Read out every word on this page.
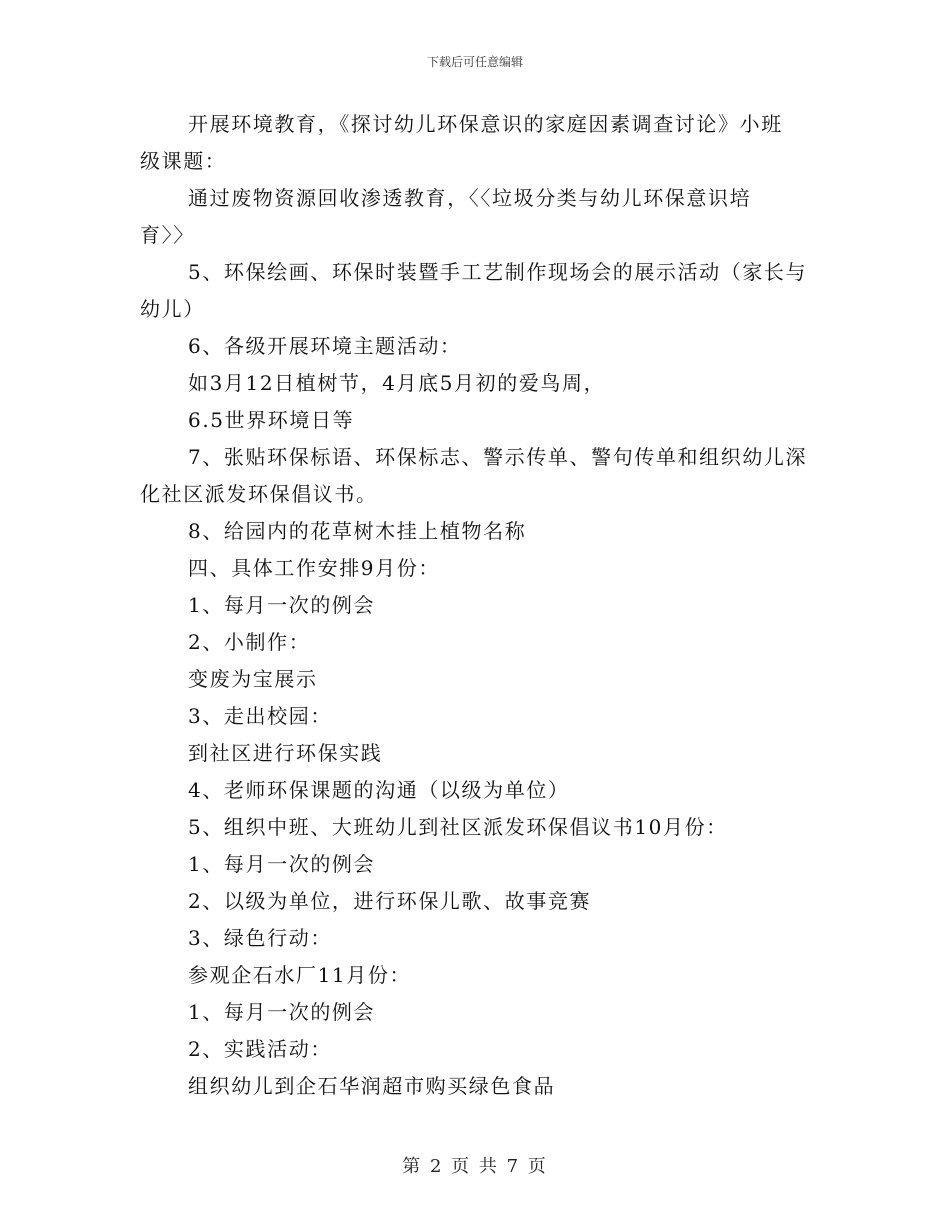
下载后可任意编辑
开展环境教育，《探讨幼儿环保意识的家庭因素调查讨论》小班
级课题：
通过废物资源回收渗透教育，〈〈垃圾分类与幼儿环保意识培
育〉〉
5、环保绘画、环保时装暨手工艺制作现场会的展示活动（家长与
幼儿）
6、各级开展环境主题活动：
如3月12日植树节，4月底5月初的爱鸟周，
6.5世界环境日等
7、张贴环保标语、环保标志、警示传单、警句传单和组织幼儿深
化社区派发环保倡议书。
8、给园内的花草树木挂上植物名称
四、具体工作安排9月份：
1、每月一次的例会
2、小制作：
变废为宝展示
3、走出校园：
到社区进行环保实践
4、老师环保课题的沟通（以级为单位）
5、组织中班、大班幼儿到社区派发环保倡议书10月份：
1、每月一次的例会
2、以级为单位，进行环保儿歌、故事竞赛
3、绿色行动：
参观企石水厂11月份：
1、每月一次的例会
2、实践活动：
组织幼儿到企石华润超市购买绿色食品
第 2 页 共 7 页
